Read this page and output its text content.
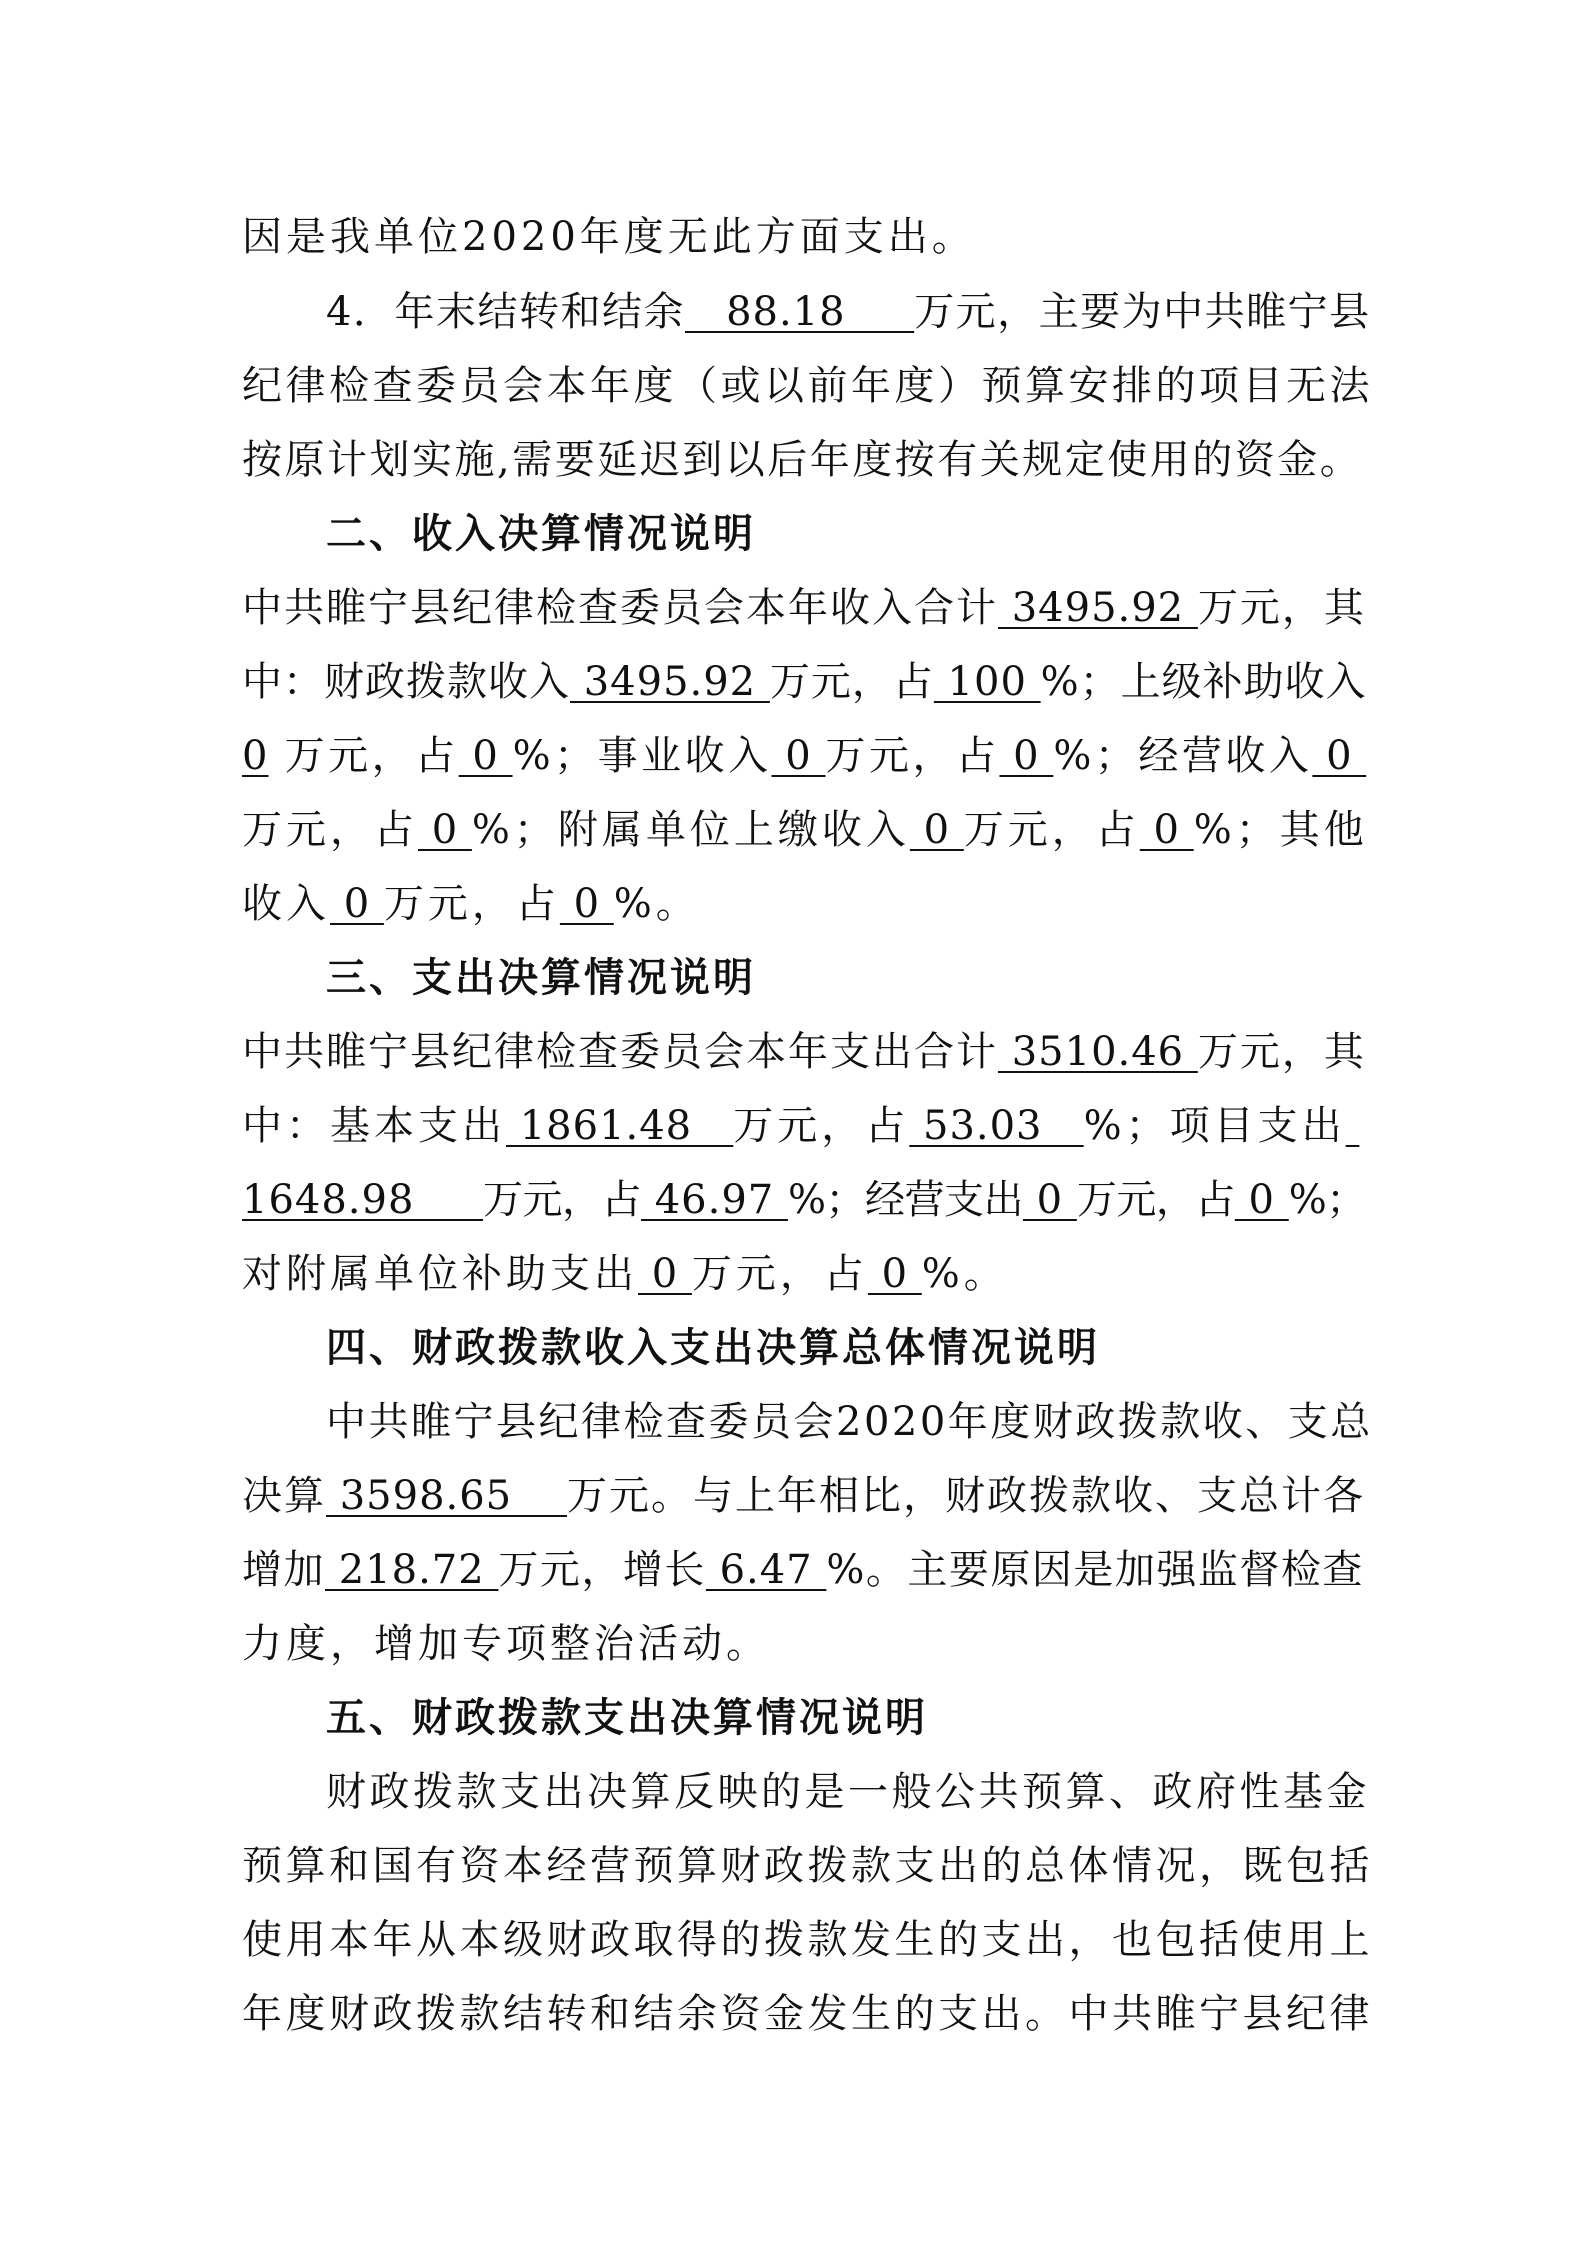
因是我单位2020年度无此方面支出。
4．年末结转和结余   88.18     万元，主要为中共睢宁县
纪律检查委员会本年度（或以前年度）预算安排的项目无法
按原计划实施,需要延迟到以后年度按有关规定使用的资金。
二、收入决算情况说明
中共睢宁县纪律检查委员会本年收入合计 3495.92 万元，其
中：财政拨款收入 3495.92 万元，占 100 %；上级补助收入
0 万元，占 0 %；事业收入 0 万元，占 0 %；经营收入 0
万元，占 0 %；附属单位上缴收入 0 万元，占 0 %；其他
收入 0 万元，占 0 %。
三、支出决算情况说明
中共睢宁县纪律检查委员会本年支出合计 3510.46 万元，其
中：基本支出 1861.48   万元，占 53.03   %；项目支出
1648.98     万元，占 46.97 %；经营支出 0 万元，占 0 %；
对附属单位补助支出 0 万元，占 0 %。
四、财政拨款收入支出决算总体情况说明
中共睢宁县纪律检查委员会2020年度财政拨款收、支总
决算 3598.65    万元。与上年相比，财政拨款收、支总计各
增加 218.72 万元，增长 6.47 %。主要原因是加强监督检查
力度，增加专项整治活动。
五、财政拨款支出决算情况说明
财政拨款支出决算反映的是一般公共预算、政府性基金
预算和国有资本经营预算财政拨款支出的总体情况，既包括
使用本年从本级财政取得的拨款发生的支出，也包括使用上
年度财政拨款结转和结余资金发生的支出。中共睢宁县纪律
